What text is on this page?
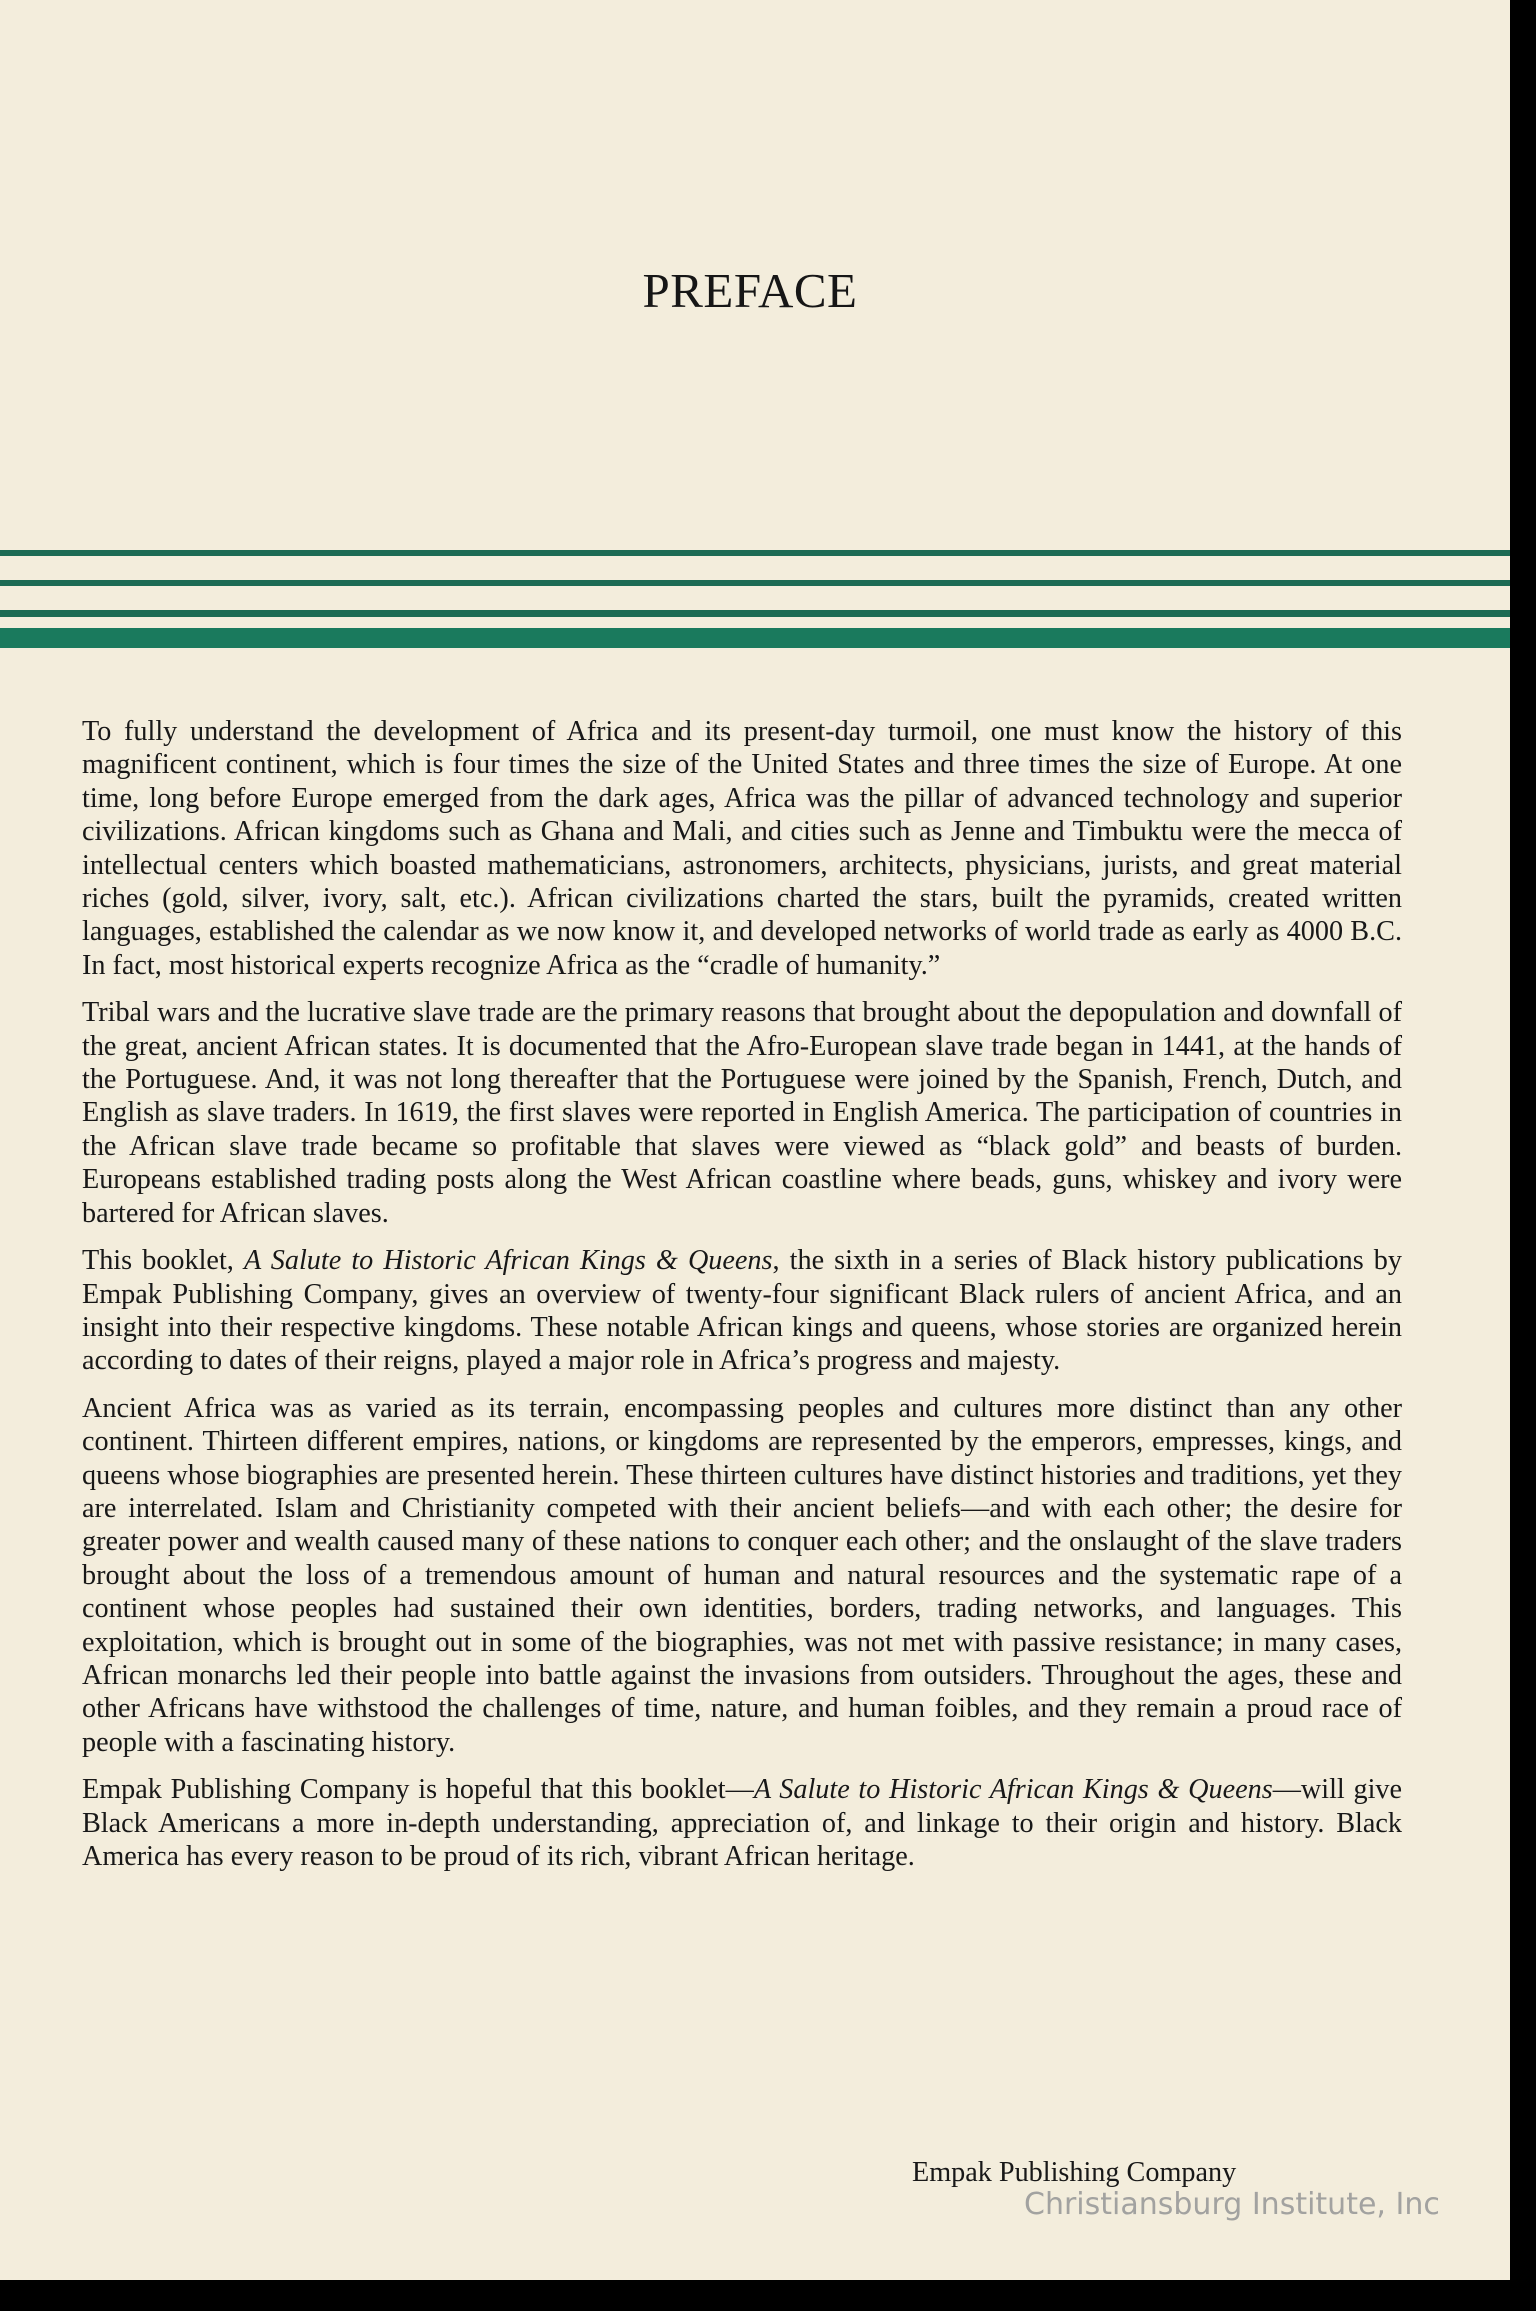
PREFACE

To fully understand the development of Africa and its present-day turmoil, one must know the history of this magnificent continent, which is four times the size of the United States and three times the size of Europe. At one time, long before Europe emerged from the dark ages, Africa was the pillar of advanced technology and superior civilizations. African kingdoms such as Ghana and Mali, and cities such as Jenne and Timbuktu were the mecca of intellectual centers which boasted mathematicians, astronomers, architects, physicians, jurists, and great material riches (gold, silver, ivory, salt, etc.). African civilizations charted the stars, built the pyramids, created written languages, established the calendar as we now know it, and developed networks of world trade as early as 4000 B.C. In fact, most historical experts recognize Africa as the “cradle of humanity.”

Tribal wars and the lucrative slave trade are the primary reasons that brought about the depopulation and downfall of the great, ancient African states. It is documented that the Afro-European slave trade began in 1441, at the hands of the Portuguese. And, it was not long thereafter that the Portuguese were joined by the Spanish, French, Dutch, and English as slave traders. In 1619, the first slaves were reported in English America. The participation of countries in the African slave trade became so profitable that slaves were viewed as “black gold” and beasts of burden. Europeans established trading posts along the West African coastline where beads, guns, whiskey and ivory were bartered for African slaves.

This booklet, A Salute to Historic African Kings & Queens, the sixth in a series of Black history publications by Empak Publishing Company, gives an overview of twenty-four significant Black rulers of ancient Africa, and an insight into their respective kingdoms. These notable African kings and queens, whose stories are organized herein according to dates of their reigns, played a major role in Africa’s progress and majesty.

Ancient Africa was as varied as its terrain, encompassing peoples and cultures more distinct than any other continent. Thirteen different empires, nations, or kingdoms are represented by the emperors, empresses, kings, and queens whose biographies are presented herein. These thirteen cultures have distinct histories and traditions, yet they are interrelated. Islam and Christianity competed with their ancient beliefs—and with each other; the desire for greater power and wealth caused many of these nations to conquer each other; and the onslaught of the slave traders brought about the loss of a tremendous amount of human and natural resources and the systematic rape of a continent whose peoples had sustained their own identities, borders, trading networks, and languages. This exploitation, which is brought out in some of the biographies, was not met with passive resistance; in many cases, African monarchs led their people into battle against the invasions from outsiders. Throughout the ages, these and other Africans have withstood the challenges of time, nature, and human foibles, and they remain a proud race of people with a fascinating history.

Empak Publishing Company is hopeful that this booklet—A Salute to Historic African Kings & Queens—will give Black Americans a more in-depth understanding, appreciation of, and linkage to their origin and history. Black America has every reason to be proud of its rich, vibrant African heritage.

Empak Publishing Company
Christiansburg Institute, Inc
